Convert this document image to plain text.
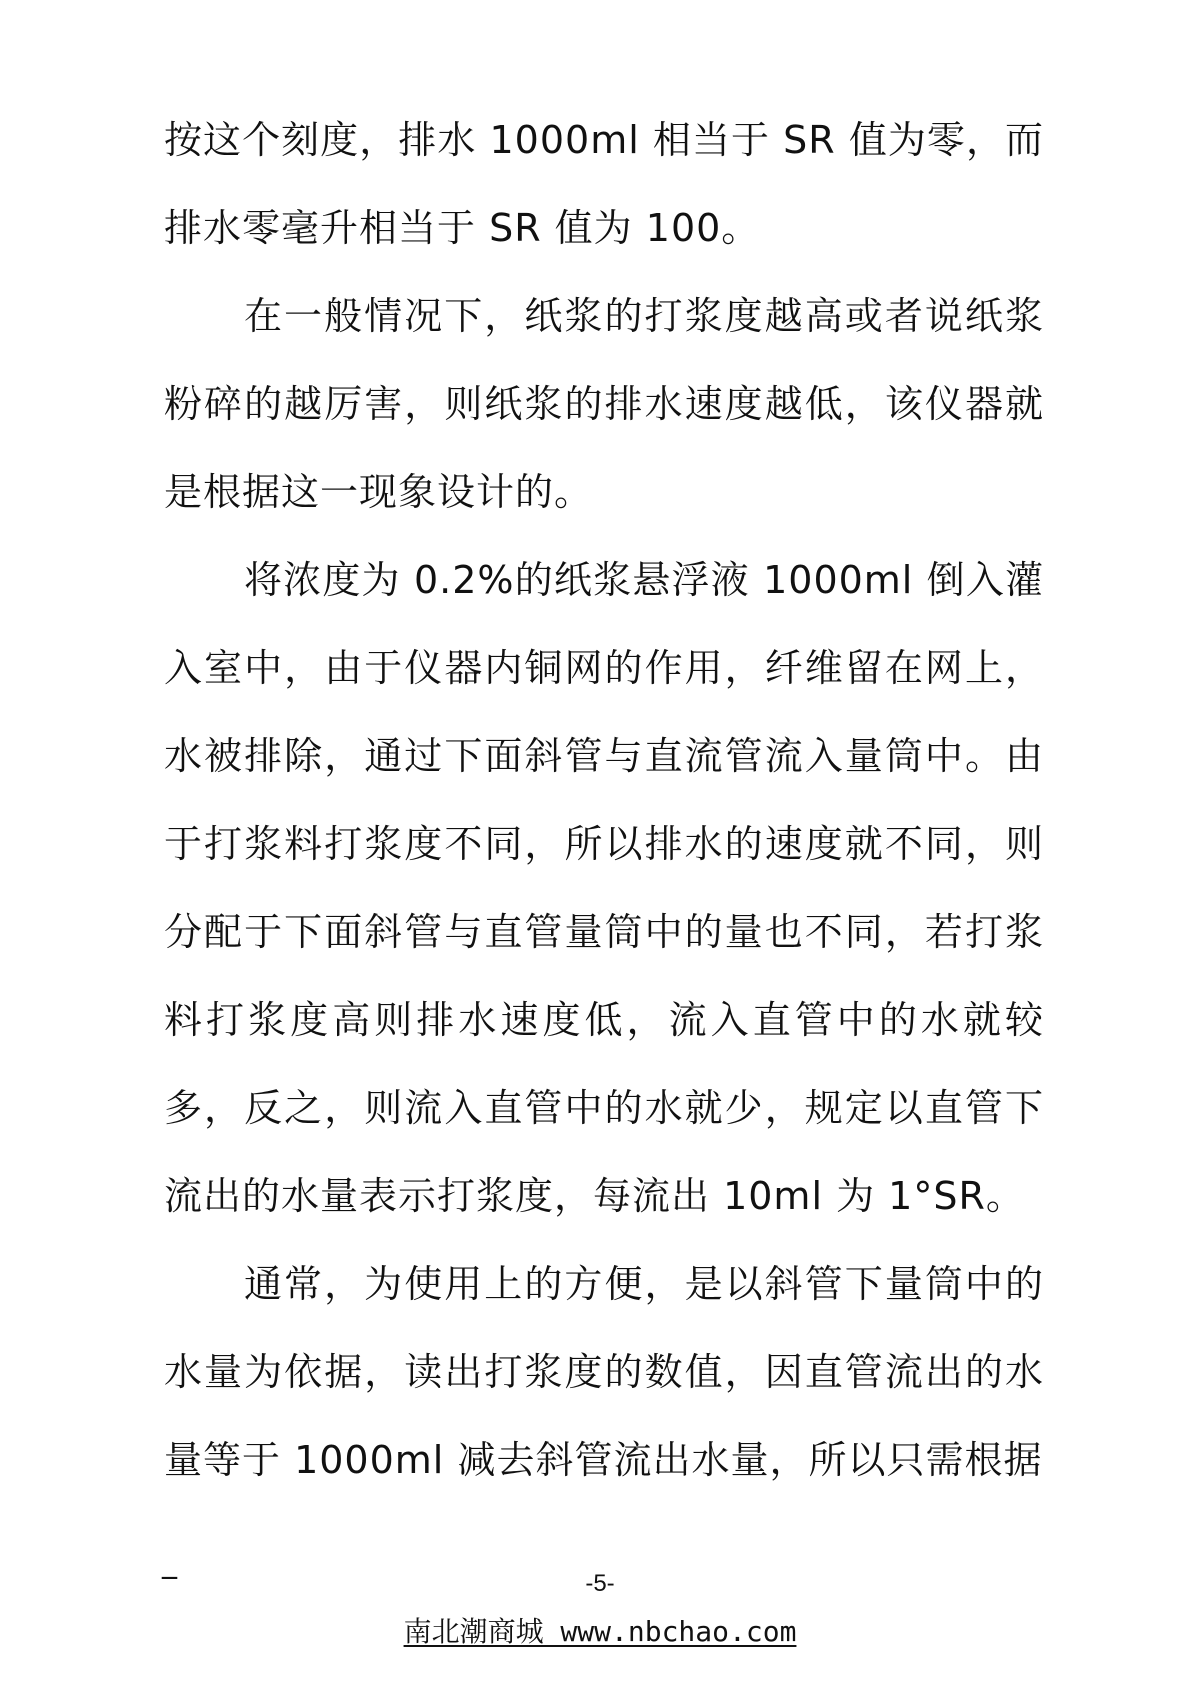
按这个刻度，排水 1000ml 相当于 SR 值为零，而排水零毫升相当于 SR 值为 100。

在一般情况下，纸浆的打浆度越高或者说纸浆粉碎的越厉害，则纸浆的排水速度越低，该仪器就是根据这一现象设计的。

将浓度为 0.2%的纸浆悬浮液 1000ml 倒入灌入室中，由于仪器内铜网的作用，纤维留在网上，水被排除，通过下面斜管与直流管流入量筒中。由于打浆料打浆度不同，所以排水的速度就不同，则分配于下面斜管与直管量筒中的量也不同，若打浆料打浆度高则排水速度低，流入直管中的水就较多，反之，则流入直管中的水就少，规定以直管下流出的水量表示打浆度，每流出 10ml 为 1°SR。

通常，为使用上的方便，是以斜管下量筒中的水量为依据，读出打浆度的数值，因直管流出的水量等于 1000ml 减去斜管流出水量，所以只需根据

_
-5-
南北潮商城 www.nbchao.com
